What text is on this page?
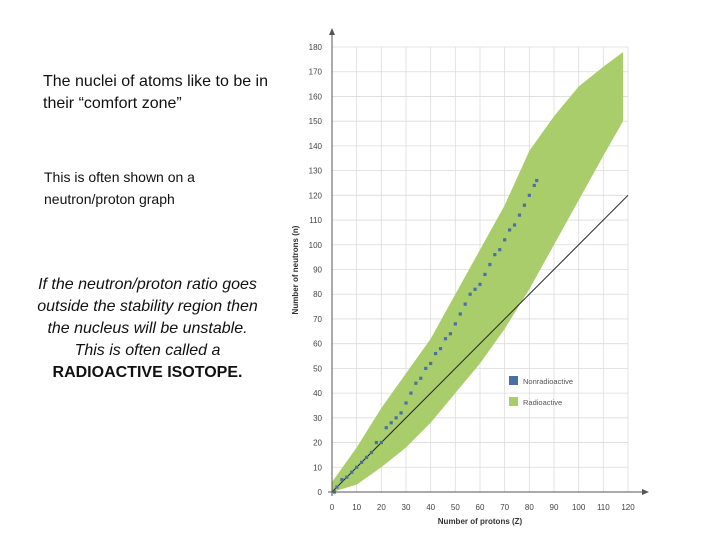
The nuclei of atoms like to be in their “comfort zone”
This is often shown on a neutron/proton graph
If the neutron/proton ratio goes outside the stability region then the nucleus will be unstable. This is often called a
RADIOACTIVE ISOTOPE.
0
10
20
30
40
50
60
70
80
90
100
110
120
130
140
150
160
170
180
0 10 20 30 40 50 60 70 80 90 100 110 120
Number of protons (Z)
Number of neutrons (n)
Nonradioactive
Radioactive
